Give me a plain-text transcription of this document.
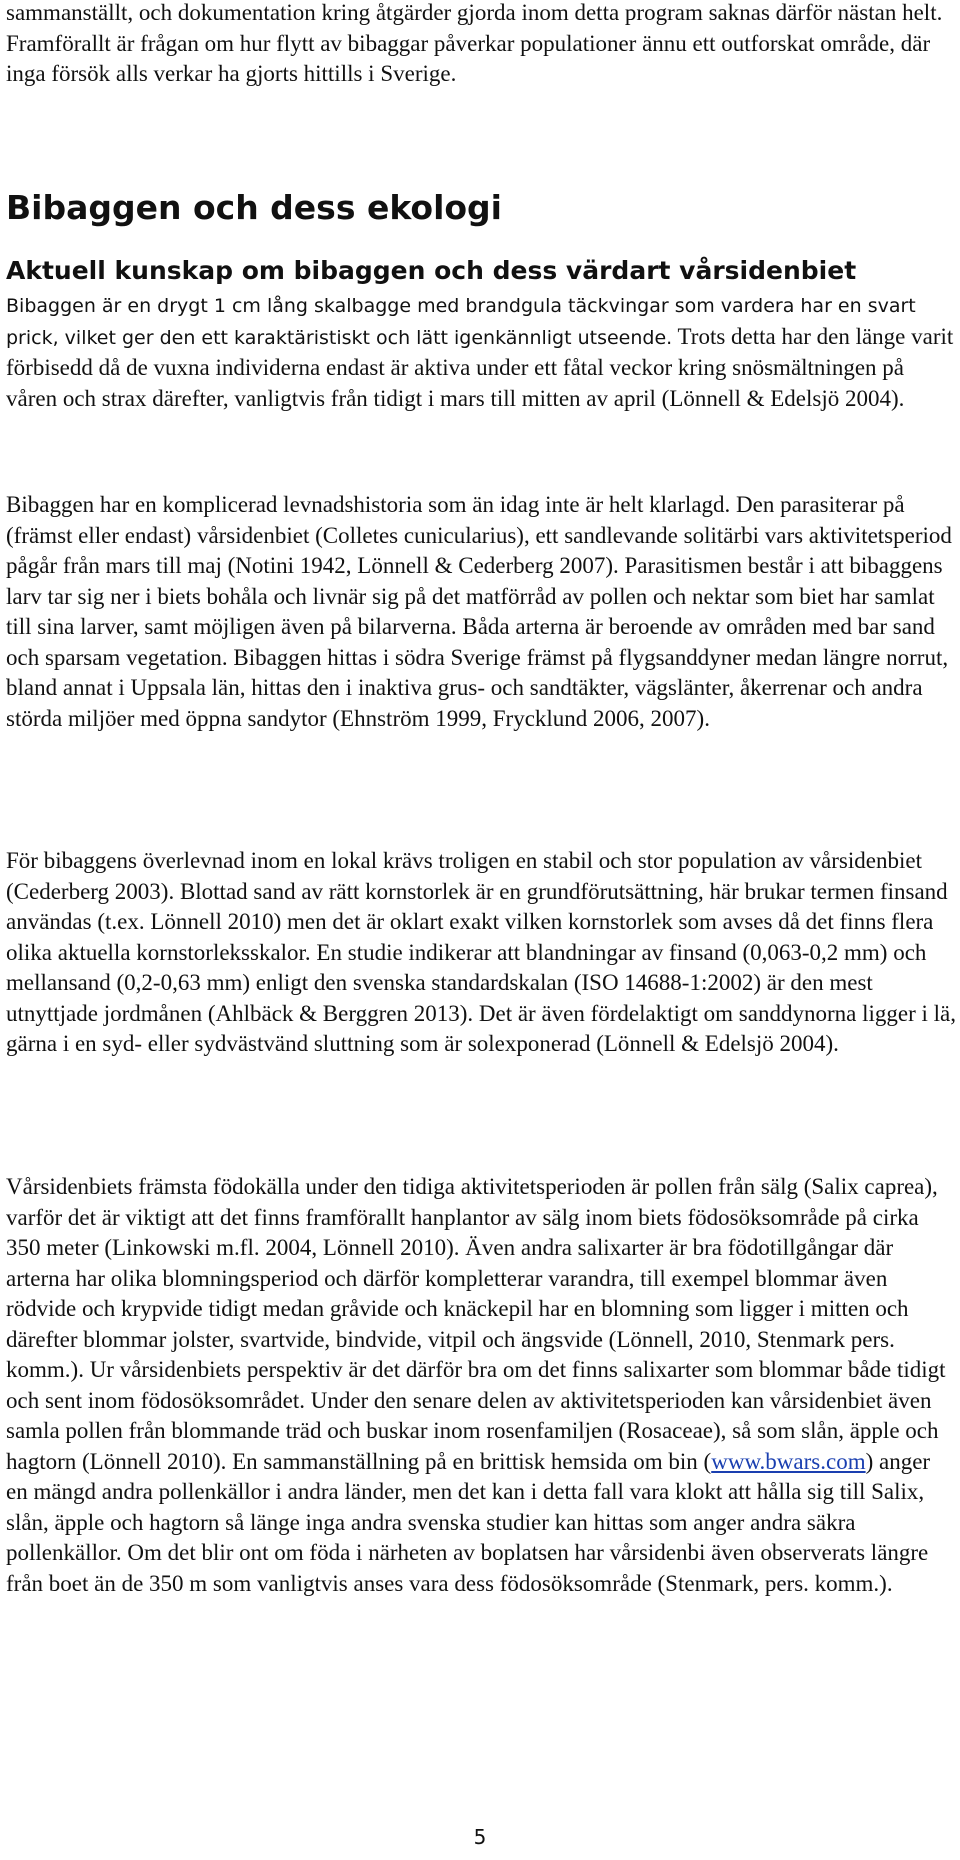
sammanställt, och dokumentation kring åtgärder gjorda inom detta program saknas därför nästan helt. Framförallt är frågan om hur flytt av bibaggar påverkar populationer ännu ett outforskat område, där inga försök alls verkar ha gjorts hittills i Sverige.

Bibaggen och dess ekologi
Aktuell kunskap om bibaggen och dess värdart vårsidenbiet

Bibaggen är en drygt 1 cm lång skalbagge med brandgula täckvingar som vardera har en svart prick, vilket ger den ett karaktäristiskt och lätt igenkännligt utseende. Trots detta har den länge varit förbisedd då de vuxna individerna endast är aktiva under ett fåtal veckor kring snösmältningen på våren och strax därefter, vanligtvis från tidigt i mars till mitten av april (Lönnell & Edelsjö 2004).

Bibaggen har en komplicerad levnadshistoria som än idag inte är helt klarlagd. Den parasiterar på (främst eller endast) vårsidenbiet (Colletes cunicularius), ett sandlevande solitärbi vars aktivitetsperiod pågår från mars till maj (Notini 1942, Lönnell & Cederberg 2007). Parasitismen består i att bibaggens larv tar sig ner i biets bohåla och livnär sig på det matförråd av pollen och nektar som biet har samlat till sina larver, samt möjligen även på bilarverna. Båda arterna är beroende av områden med bar sand och sparsam vegetation. Bibaggen hittas i södra Sverige främst på flygsanddyner medan längre norrut, bland annat i Uppsala län, hittas den i inaktiva grus- och sandtäkter, vägslänter, åkerrenar och andra störda miljöer med öppna sandytor (Ehnström 1999, Frycklund 2006, 2007).

För bibaggens överlevnad inom en lokal krävs troligen en stabil och stor population av vårsidenbiet (Cederberg 2003). Blottad sand av rätt kornstorlek är en grundförutsättning, här brukar termen finsand användas (t.ex. Lönnell 2010) men det är oklart exakt vilken kornstorlek som avses då det finns flera olika aktuella kornstorleksskalor. En studie indikerar att blandningar av finsand (0,063-0,2 mm) och mellansand (0,2-0,63 mm) enligt den svenska standardskalan (ISO 14688-1:2002) är den mest utnyttjade jordmånen (Ahlbäck & Berggren 2013). Det är även fördelaktigt om sanddynorna ligger i lä, gärna i en syd- eller sydvästvänd sluttning som är solexponerad (Lönnell & Edelsjö 2004).

Vårsidenbiets främsta födokälla under den tidiga aktivitetsperioden är pollen från sälg (Salix caprea), varför det är viktigt att det finns framförallt hanplantor av sälg inom biets födosöksområde på cirka 350 meter (Linkowski m.fl. 2004, Lönnell 2010). Även andra salixarter är bra födotillgångar där arterna har olika blomningsperiod och därför kompletterar varandra, till exempel blommar även rödvide och krypvide tidigt medan gråvide och knäckepil har en blomning som ligger i mitten och därefter blommar jolster, svartvide, bindvide, vitpil och ängsvide (Lönnell, 2010, Stenmark pers. komm.). Ur vårsidenbiets perspektiv är det därför bra om det finns salixarter som blommar både tidigt och sent inom födosöksområdet. Under den senare delen av aktivitetsperioden kan vårsidenbiet även samla pollen från blommande träd och buskar inom rosenfamiljen (Rosaceae), så som slån, äpple och hagtorn (Lönnell 2010). En sammanställning på en brittisk hemsida om bin (www.bwars.com) anger en mängd andra pollenkällor i andra länder, men det kan i detta fall vara klokt att hålla sig till Salix, slån, äpple och hagtorn så länge inga andra svenska studier kan hittas som anger andra säkra pollenkällor. Om det blir ont om föda i närheten av boplatsen har vårsidenbi även observerats längre från boet än de 350 m som vanligtvis anses vara dess födosöksområde (Stenmark, pers. komm.).

5
